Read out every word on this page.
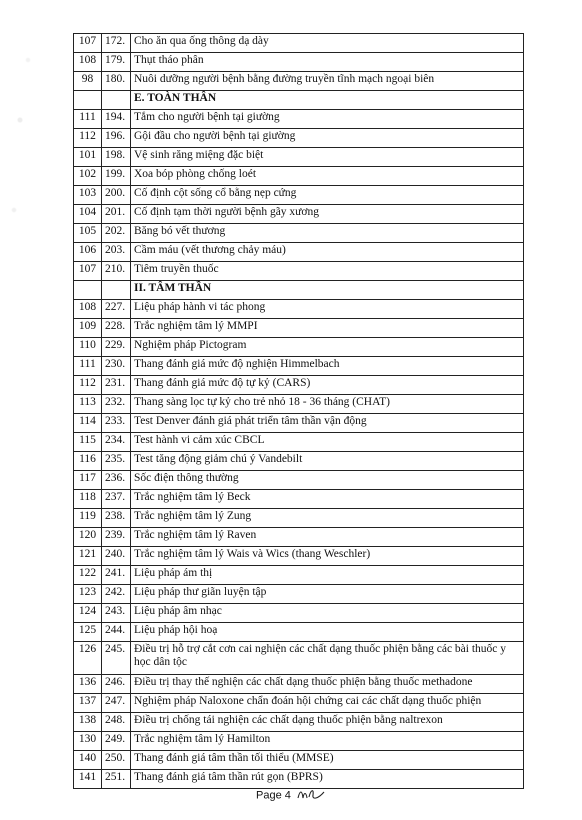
107	172.	Cho ăn qua ống thông dạ dày
108	179.	Thụt tháo phân
98	180.	Nuôi dưỡng người bệnh bằng đường truyền tĩnh mạch ngoại biên
		E. TOÀN THÂN
111	194.	Tắm cho người bệnh tại giường
112	196.	Gội đầu cho người bệnh tại giường
101	198.	Vệ sinh răng miệng đặc biệt
102	199.	Xoa bóp phòng chống loét
103	200.	Cố định cột sống cổ bằng nẹp cứng
104	201.	Cố định tạm thời người bệnh gãy xương
105	202.	Băng bó vết thương
106	203.	Cầm máu (vết thương chảy máu)
107	210.	Tiêm truyền thuốc
		II. TÂM THẦN
108	227.	Liệu pháp hành vi tác phong
109	228.	Trắc nghiệm tâm lý MMPI
110	229.	Nghiệm pháp Pictogram
111	230.	Thang đánh giá mức độ nghiện Himmelbach
112	231.	Thang đánh giá mức độ tự kỷ (CARS)
113	232.	Thang sàng lọc tự kỷ cho trẻ nhỏ 18 - 36 tháng (CHAT)
114	233.	Test Denver đánh giá phát triển tâm thần vận động
115	234.	Test hành vi cảm xúc CBCL
116	235.	Test tăng động giảm chú ý Vandebilt
117	236.	Sốc điện thông thường
118	237.	Trắc nghiệm tâm lý Beck
119	238.	Trắc nghiệm tâm lý Zung
120	239.	Trắc nghiệm tâm lý Raven
121	240.	Trắc nghiệm tâm lý Wais và Wics (thang Weschler)
122	241.	Liệu pháp ám thị
123	242.	Liệu pháp thư giãn luyện tập
124	243.	Liệu pháp âm nhạc
125	244.	Liệu pháp hội hoạ
126	245.	Điều trị hỗ trợ cắt cơn cai nghiện các chất dạng thuốc phiện bằng các bài thuốc y học dân tộc
136	246.	Điều trị thay thế nghiện các chất dạng thuốc phiện bằng thuốc methadone
137	247.	Nghiệm pháp Naloxone chẩn đoán hội chứng cai các chất dạng thuốc phiện
138	248.	Điều trị chống tái nghiện các chất dạng thuốc phiện bằng naltrexon
130	249.	Trắc nghiệm tâm lý Hamilton
140	250.	Thang đánh giá tâm thần tối thiểu (MMSE)
141	251.	Thang đánh giá tâm thần rút gọn (BPRS)
Page 4
